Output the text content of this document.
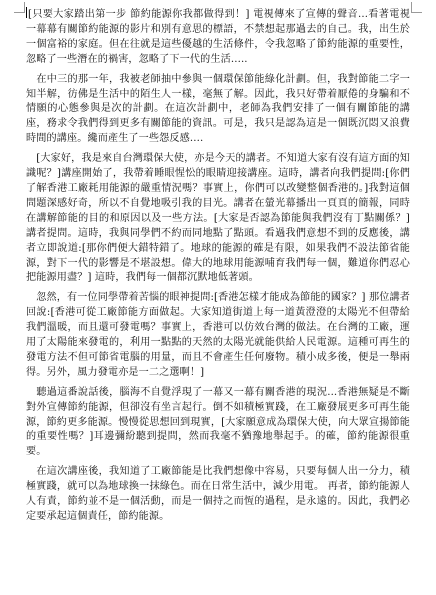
[只要大家踏出第一步 節約能源你我都做得到！] 電視傳來了宣傳的聲音...看著電視一幕幕有關節約能源的影片和別有意思的標語，不禁想起那過去的自己。我，出生於一個富裕的家庭。但在往就是這些優越的生活條件，令我忽略了節約能源的重要性，忽略了一些潛在的禍害，忽略了下一代的生活.....

　在中三的那一年，我被老師抽中參與一個環保節能綠化計劃。但，我對節能二字一知半解，彷佛是生活中的陌生人一樣，毫無了解。因此，我只好帶着厭倦的身騙和不情願的心態參與是次的計劃。在這次計劃中，老師為我們安排了一個有關節能的講座，務求令我們得到更多有關節能的資訊。可是，我只是認為這是一個既沉悶又浪費時間的講座。纔而產生了一些怨反感....

　[大家好，我是來自台灣環保大使，亦是今天的講者。不知道大家有沒有這方面的知識呢？]講座開始了，我帶着睡眼惺忪的眼睛迎接講座。這時，講者向我們提問:[你們了解香港工廠耗用能源的嚴重情況嗎？事實上，你們可以改變整個香港的。]我對這個問題深感好奇，所以不自覺地吸引我的目光。講者在螢光幕播出一頁頁的簡報，同時在講解節能的目的和原因以及一些方法。[大家是否認為節能與我們沒有丁點關係？]講者提問。這時，我與同學們不約而同地點了點頭。看過我們意想不到的反應後，講者立即說道:[那你們便大錯特錯了。地球的能源的確是有限，如果我們不設法節省能源，對下一代的影響是不堪設想。偉大的地球用能源哺育我們每一個，難道你們忍心把能源用盡？] 這時，我們每一個都沉默地低著頭。

　忽然，有一位同學帶着苦惱的眼神提問:[香港怎樣才能成為節能的國家？] 那位講者回說:[香港可從工廠節能方面做起。大家知道街道上每一道黃澄澄的太陽光不但帶給我們溫暖，而且還可發電嗎？事實上，香港可以仿效台灣的做法。在台灣的工廠，運用了太陽能來發電的，利用一點點的天然的太陽光就能供給人民電源。這種可再生的發電方法不但可節省電腦的用量，而且不會產生任何廢物。積小成多後，便是一舉兩得。另外，風力發電亦是一二之選啊！]

　聽過這番說話後，腦海不自覺浮現了一幕又一幕有關香港的現況...香港無疑是不斷對外宣傳節約能源，但卻沒有坐言起行。倒不如積極實踐，在工廠發展更多可再生能源，節約更多能源。慢慢從思想回到現實，[大家願意成為環保大使，向大眾宣揚節能的重要性嗎？]耳邊彌紛聽到提問，然而我毫不猶豫地舉起手。的確，節約能源很重要。

　在這次講座後，我知道了工廠節能是比我們想像中容易，只要每個人出一分力，積極實踐，就可以為地球換一抹綠色。而在日常生活中，減少用電。 再者，節約能源人人有責，節約並不是一個活動，而是一個持之而恆的過程，是永遠的。因此，我們必定要承起這個責任，節約能源。
